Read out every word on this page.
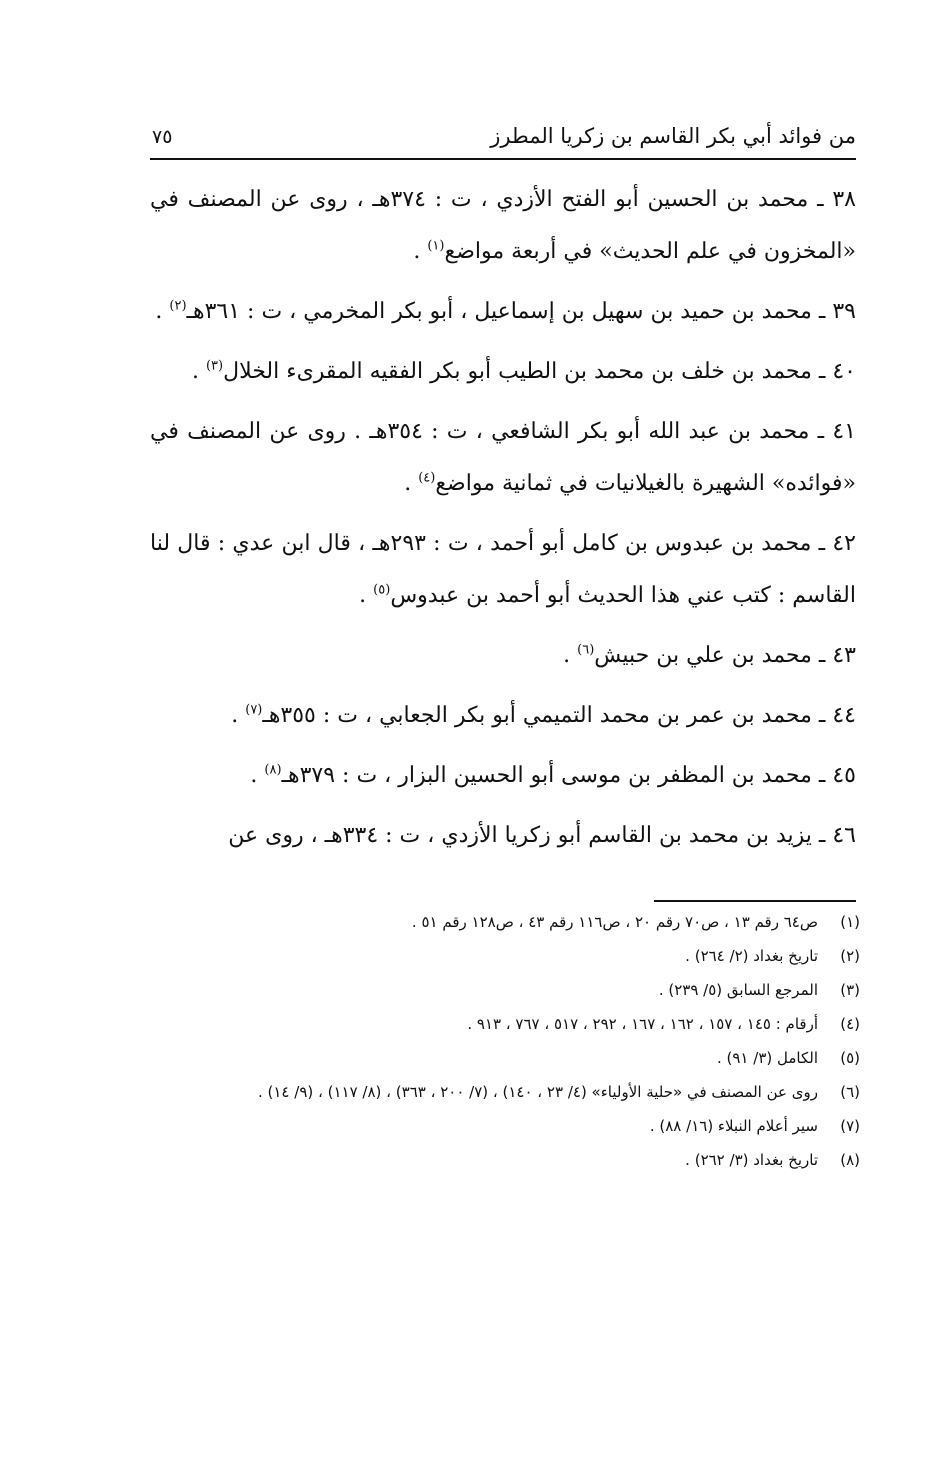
من فوائد أبي بكر القاسم بن زكريا المطرز
٧٥

٣٨ ـ محمد بن الحسين أبو الفتح الأزدي ، ت : ٣٧٤هـ ، روى عن المصنف في «المخزون في علم الحديث» في أربعة مواضع$^{(١)}$ .

٣٩ ـ محمد بن حميد بن سهيل بن إسماعيل ، أبو بكر المخرمي ، ت : ٣٦١هـ$^{(٢)}$ .

٤٠ ـ محمد بن خلف بن محمد بن الطيب أبو بكر الفقيه المقرىء الخلال$^{(٣)}$ .

٤١ ـ محمد بن عبد الله أبو بكر الشافعي ، ت : ٣٥٤هـ . روى عن المصنف في «فوائده» الشهيرة بالغيلانيات في ثمانية مواضع$^{(٤)}$ .

٤٢ ـ محمد بن عبدوس بن كامل أبو أحمد ، ت : ٢٩٣هـ ، قال ابن عدي : قال لنا القاسم : كتب عني هذا الحديث أبو أحمد بن عبدوس$^{(٥)}$ .

٤٣ ـ محمد بن علي بن حبيش$^{(٦)}$ .

٤٤ ـ محمد بن عمر بن محمد التميمي أبو بكر الجعابي ، ت : ٣٥٥هـ$^{(٧)}$ .

٤٥ ـ محمد بن المظفر بن موسى أبو الحسين البزار ، ت : ٣٧٩هـ$^{(٨)}$ .

٤٦ ـ يزيد بن محمد بن القاسم أبو زكريا الأزدي ، ت : ٣٣٤هـ ، روى عن

(١)
ص٦٤ رقم ١٣ ، ص٧٠ رقم ٢٠ ، ص١١٦ رقم ٤٣ ، ص١٢٨ رقم ٥١ .
(٢)
تاريخ بغداد (٢/ ٢٦٤) .
(٣)
المرجع السابق (٥/ ٢٣٩) .
(٤)
أرقام : ١٤٥ ، ١٥٧ ، ١٦٢ ، ١٦٧ ، ٢٩٢ ، ٥١٧ ، ٧٦٧ ، ٩١٣ .
(٥)
الكامل (٣/ ٩١) .
(٦)
روى عن المصنف في «حلية الأولياء» (٤/ ٢٣ ، ١٤٠) ، (٧/ ٢٠٠ ، ٣٦٣) ، (٨/ ١١٧) ، (٩/ ١٤) .
(٧)
سير أعلام النبلاء (١٦/ ٨٨) .
(٨)
تاريخ بغداد (٣/ ٢٦٢) .
